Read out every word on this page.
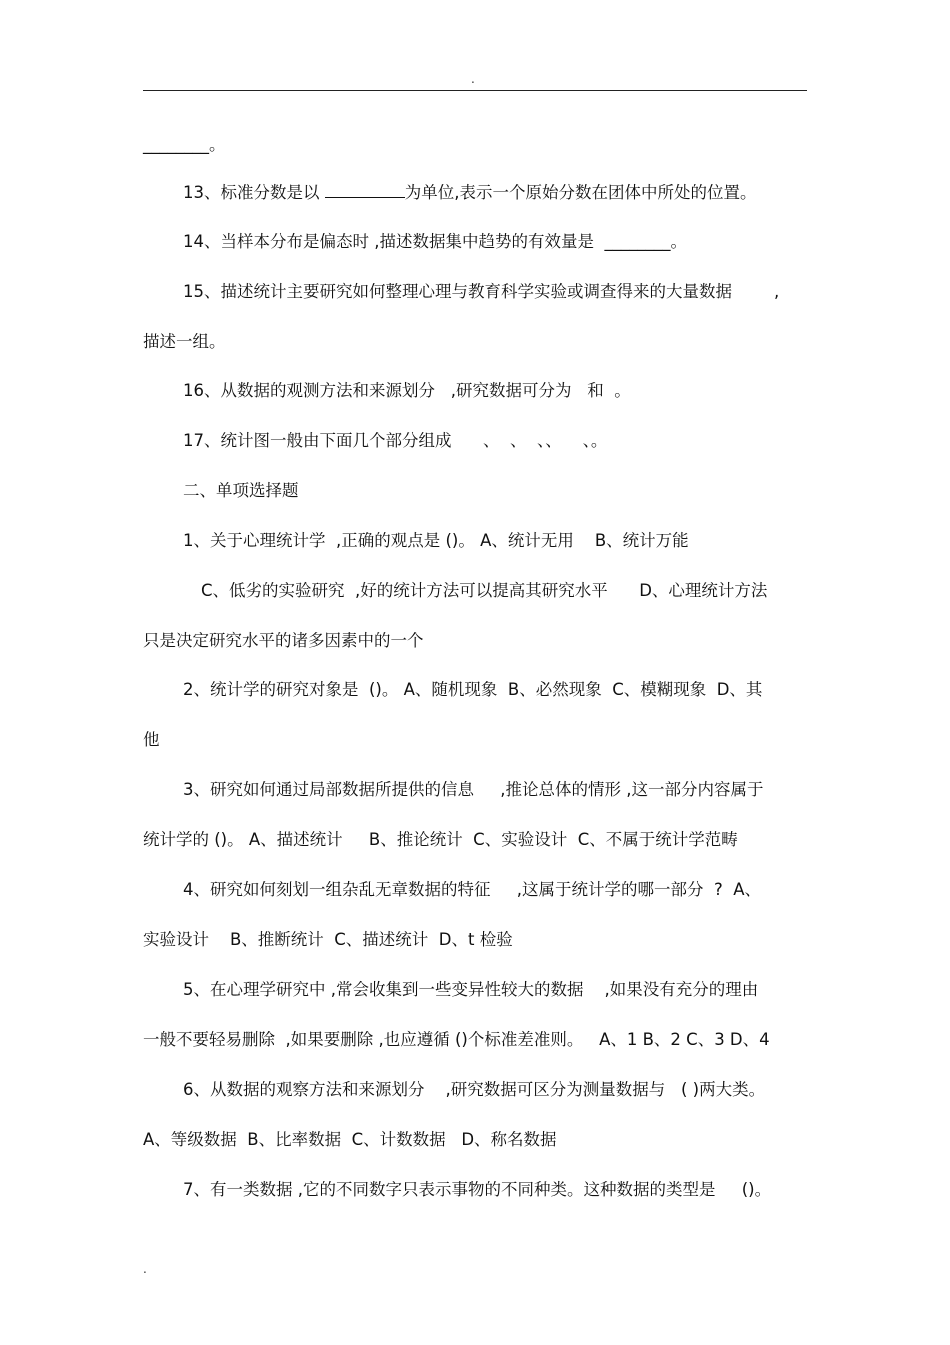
.
________。
13、标准分数是以	为单位,表示一个原始分数在团体中所处的位置。
14、当样本分布是偏态时 ,描述数据集中趋势的有效量是  ________。
15、描述统计主要研究如何整理心理与教育科学实验或调查得来的大量数据        ,
描述一组。
16、从数据的观测方法和来源划分   ,研究数据可分为   和  。
17、统计图一般由下面几个部分组成      、  、  、、    、。
二、单项选择题
1、关于心理统计学  ,正确的观点是 ()。 A、统计无用    B、统计万能
C、低劣的实验研究  ,好的统计方法可以提高其研究水平      D、心理统计方法
只是决定研究水平的诸多因素中的一个
2、统计学的研究对象是  ()。 A、随机现象  B、必然现象  C、模糊现象  D、其
他
3、研究如何通过局部数据所提供的信息     ,推论总体的情形 ,这一部分内容属于
统计学的 ()。 A、描述统计     B、推论统计  C、实验设计  C、不属于统计学范畴
4、研究如何刻划一组杂乱无章数据的特征     ,这属于统计学的哪一部分  ?  A、
实验设计    B、推断统计  C、描述统计  D、t 检验
5、在心理学研究中 ,常会收集到一些变异性较大的数据    ,如果没有充分的理由
一般不要轻易删除  ,如果要删除 ,也应遵循 ()个标准差准则。   A、1 B、2 C、3 D、4
6、从数据的观察方法和来源划分    ,研究数据可区分为测量数据与   ( )两大类。
A、等级数据  B、比率数据  C、计数数据   D、称名数据
7、有一类数据 ,它的不同数字只表示事物的不同种类。这种数据的类型是     ()。
.
